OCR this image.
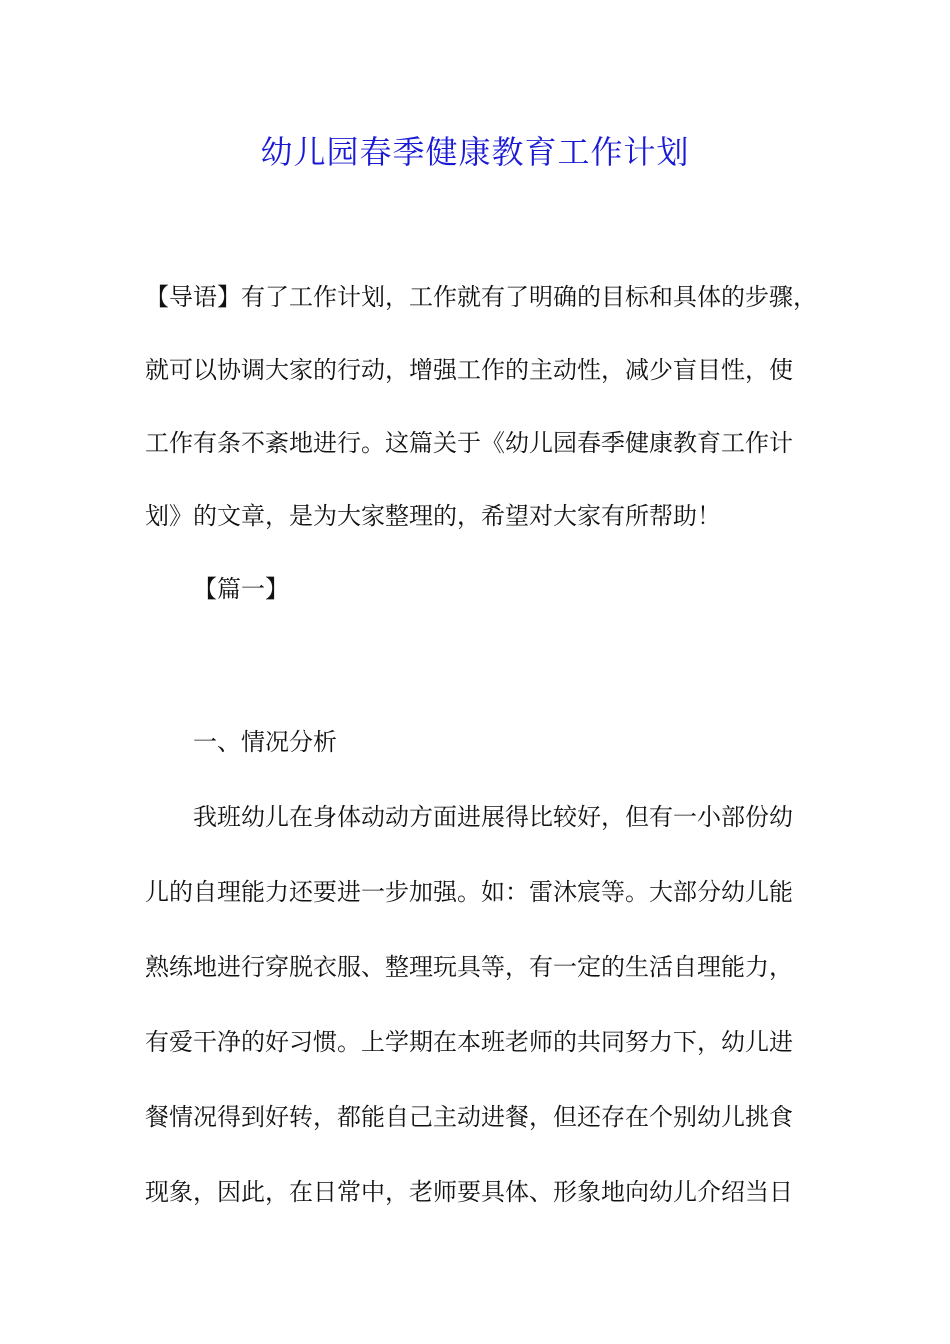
幼儿园春季健康教育工作计划
【导语】有了工作计划，工作就有了明确的目标和具体的步骤，
就可以协调大家的行动，增强工作的主动性，减少盲目性，使
工作有条不紊地进行。这篇关于《幼儿园春季健康教育工作计
划》的文章，是为大家整理的，希望对大家有所帮助！
【篇一】
一、情况分析
我班幼儿在身体动动方面进展得比较好，但有一小部份幼
儿的自理能力还要进一步加强。如：雷沐宸等。大部分幼儿能
熟练地进行穿脱衣服、整理玩具等，有一定的生活自理能力，
有爱干净的好习惯。上学期在本班老师的共同努力下，幼儿进
餐情况得到好转，都能自己主动进餐，但还存在个别幼儿挑食
现象，因此，在日常中，老师要具体、形象地向幼儿介绍当日
